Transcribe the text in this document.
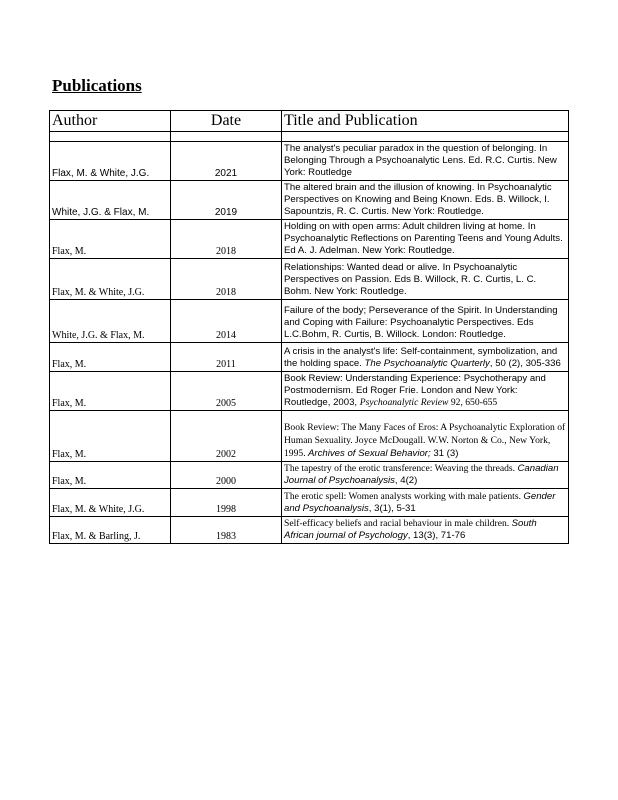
Publications
Author	Date	Title and Publication

Flax, M. & White, J.G.	2021	The analyst's peculiar paradox in the question of belonging. In Belonging Through a Psychoanalytic Lens. Ed. R.C. Curtis. New York: Routledge
White, J.G. & Flax, M.	2019	The altered brain and the illusion of knowing. In Psychoanalytic Perspectives on Knowing and Being Known. Eds. B. Willock, I. Sapountzis, R. C. Curtis. New York: Routledge.
Flax, M.	2018	Holding on with open arms: Adult children living at home. In Psychoanalytic Reflections on Parenting Teens and Young Adults. Ed A. J. Adelman. New York: Routledge.
Flax, M. & White, J.G.	2018	Relationships: Wanted dead or alive. In Psychoanalytic Perspectives on Passion. Eds B. Willock, R. C. Curtis, L. C. Bohm. New York: Routledge.
White, J.G. & Flax, M.	2014	Failure of the body; Perseverance of the Spirit. In Understanding and Coping with Failure: Psychoanalytic Perspectives. Eds L.C.Bohm, R. Curtis, B. Willock. London: Routledge.
Flax, M.	2011	A crisis in the analyst's life: Self-containment, symbolization, and the holding space. The Psychoanalytic Quarterly, 50 (2), 305-336
Flax, M.	2005	Book Review: Understanding Experience: Psychotherapy and Postmodernism. Ed Roger Frie. London and New York: Routledge, 2003, Psychoanalytic Review 92, 650-655
Flax, M.	2002	Book Review: The Many Faces of Eros: A Psychoanalytic Exploration of Human Sexuality. Joyce McDougall. W.W. Norton & Co., New York, 1995. Archives of Sexual Behavior; 31 (3)
Flax, M.	2000	The tapestry of the erotic transference: Weaving the threads. Canadian Journal of Psychoanalysis, 4(2)
Flax, M. & White, J.G.	1998	The erotic spell: Women analysts working with male patients. Gender and Psychoanalysis, 3(1), 5-31
Flax, M. & Barling, J.	1983	Self-efficacy beliefs and racial behaviour in male children. South African journal of Psychology, 13(3), 71-76
